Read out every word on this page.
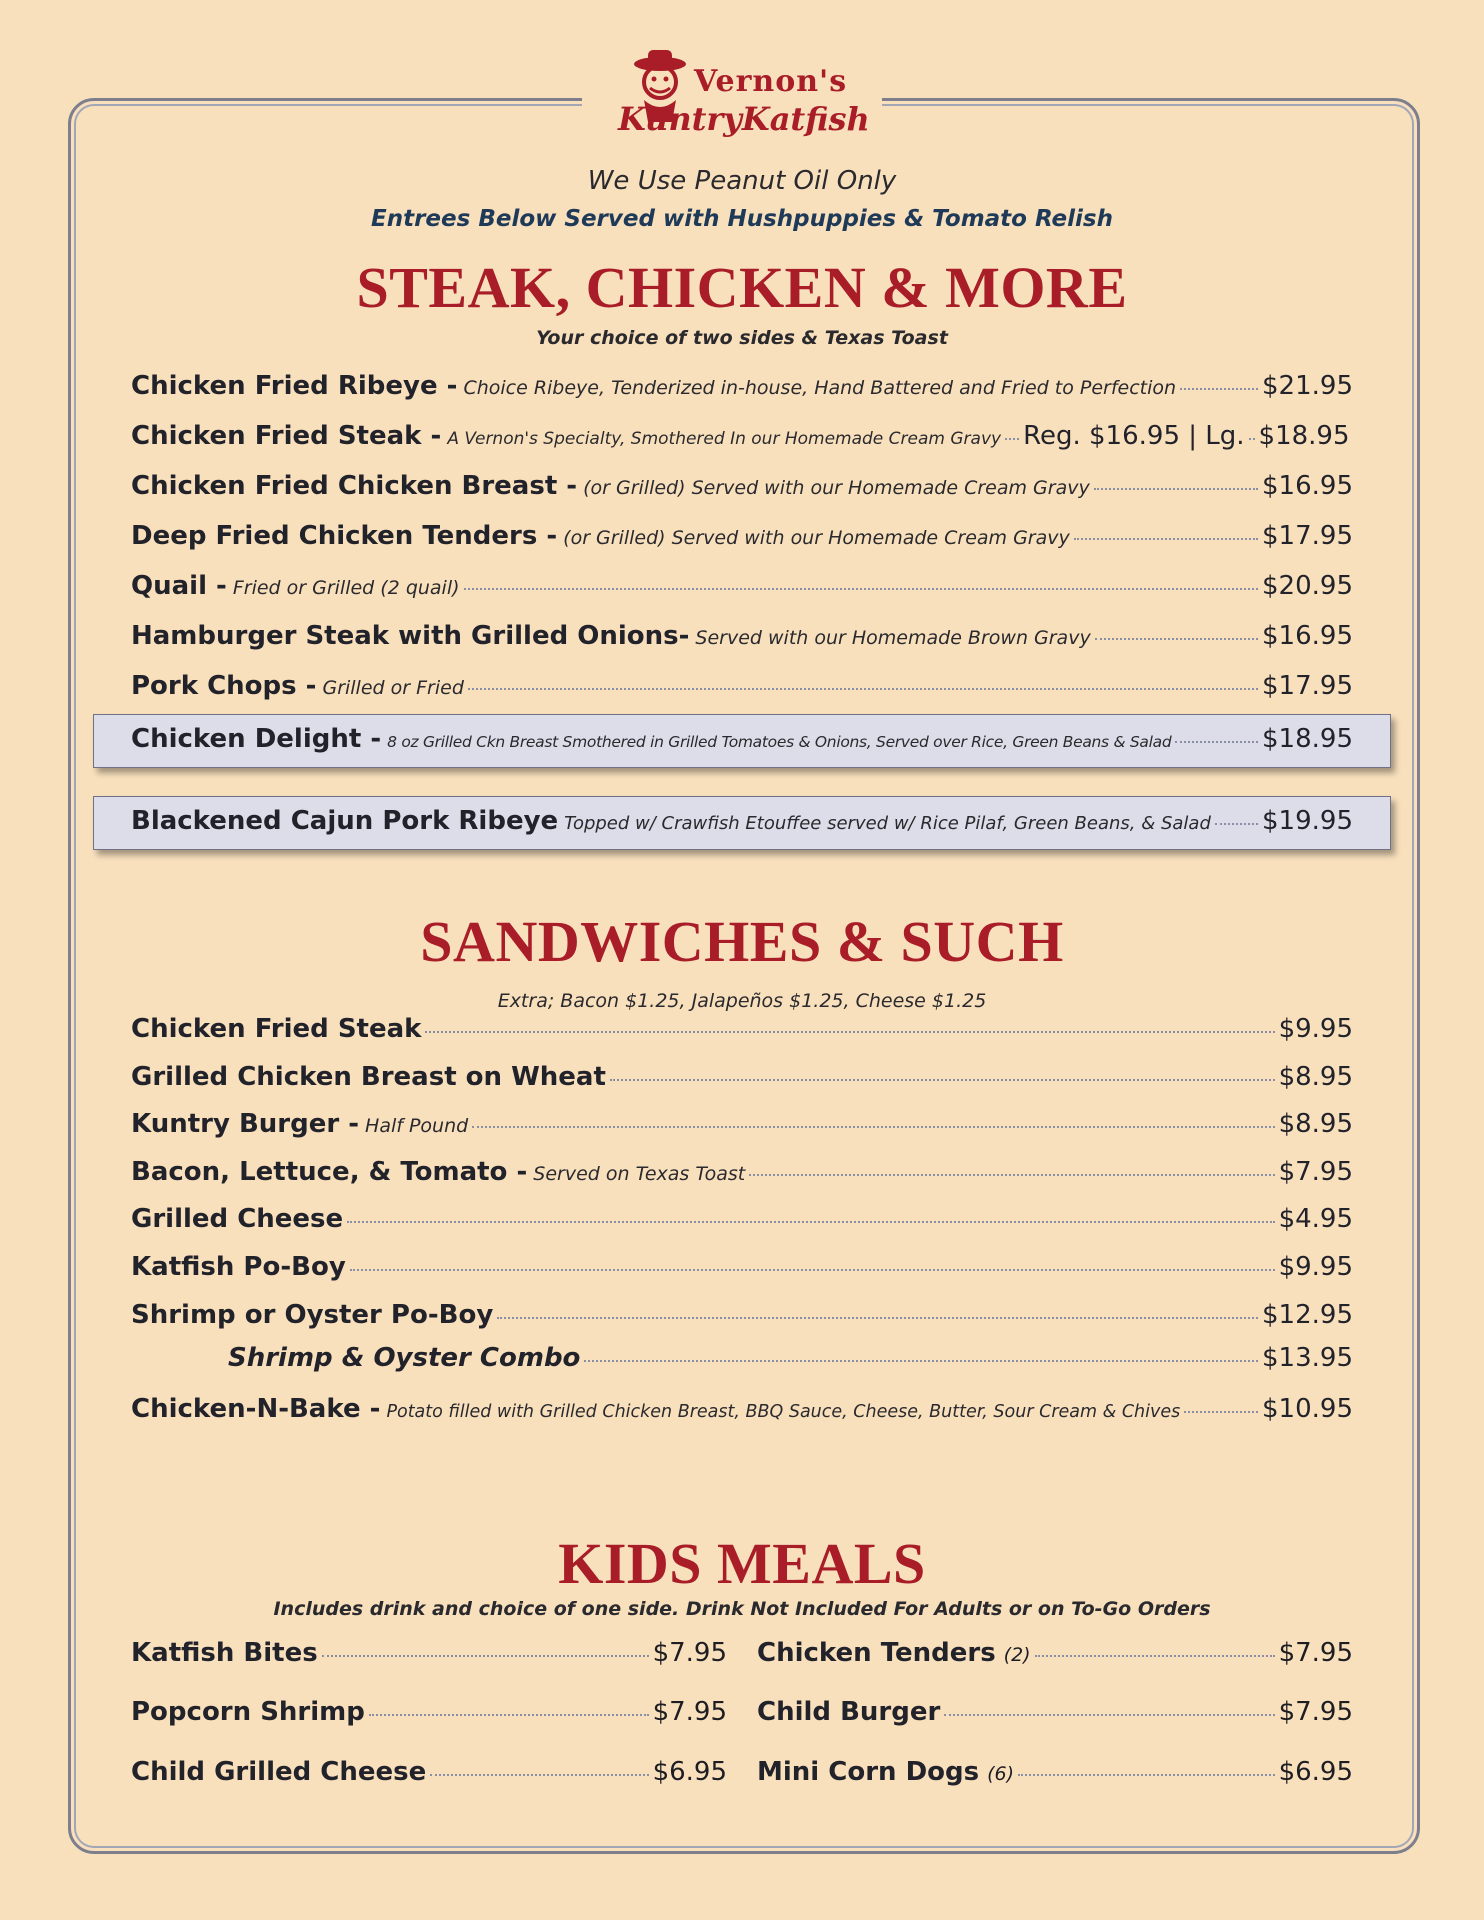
Vernon's
KuntryKatfish
We Use Peanut Oil Only
Entrees Below Served with Hushpuppies & Tomato Relish
STEAK, CHICKEN & MORE
Your choice of two sides & Texas Toast
Chicken Fried Ribeye - Choice Ribeye, Tenderized in-house, Hand Battered and Fried to Perfection	$21.95
Chicken Fried Steak - A Vernon's Specialty, Smothered In our Homemade Cream Gravy Reg. $16.95 | Lg. $18.95
Chicken Fried Chicken Breast - (or Grilled) Served with our Homemade Cream Gravy	$16.95
Deep Fried Chicken Tenders - (or Grilled) Served with our Homemade Cream Gravy	$17.95
Quail - Fried or Grilled (2 quail)	$20.95
Hamburger Steak with Grilled Onions- Served with our Homemade Brown Gravy	$16.95
Pork Chops - Grilled or Fried	$17.95
Chicken Delight - 8 oz Grilled Ckn Breast Smothered in Grilled Tomatoes & Onions, Served over Rice, Green Beans & Salad	$18.95
Blackened Cajun Pork Ribeye Topped w/ Crawfish Etouffee served w/ Rice Pilaf, Green Beans, & Salad $19.95
SANDWICHES & SUCH
Extra; Bacon $1.25, Jalapeños $1.25, Cheese $1.25
Chicken Fried Steak	$9.95
Grilled Chicken Breast on Wheat	$8.95
Kuntry Burger - Half Pound	$8.95
Bacon, Lettuce, & Tomato - Served on Texas Toast	$7.95
Grilled Cheese	$4.95
Katfish Po-Boy	$9.95
Shrimp or Oyster Po-Boy	$12.95
Shrimp & Oyster Combo	$13.95
Chicken-N-Bake - Potato filled with Grilled Chicken Breast, BBQ Sauce, Cheese, Butter, Sour Cream & Chives	$10.95
KIDS MEALS
Includes drink and choice of one side. Drink Not Included For Adults or on To-Go Orders
Katfish Bites	$7.95
Popcorn Shrimp	$7.95
Child Grilled Cheese	$6.95
Chicken Tenders (2)	$7.95
Child Burger	$7.95
Mini Corn Dogs (6)	$6.95
